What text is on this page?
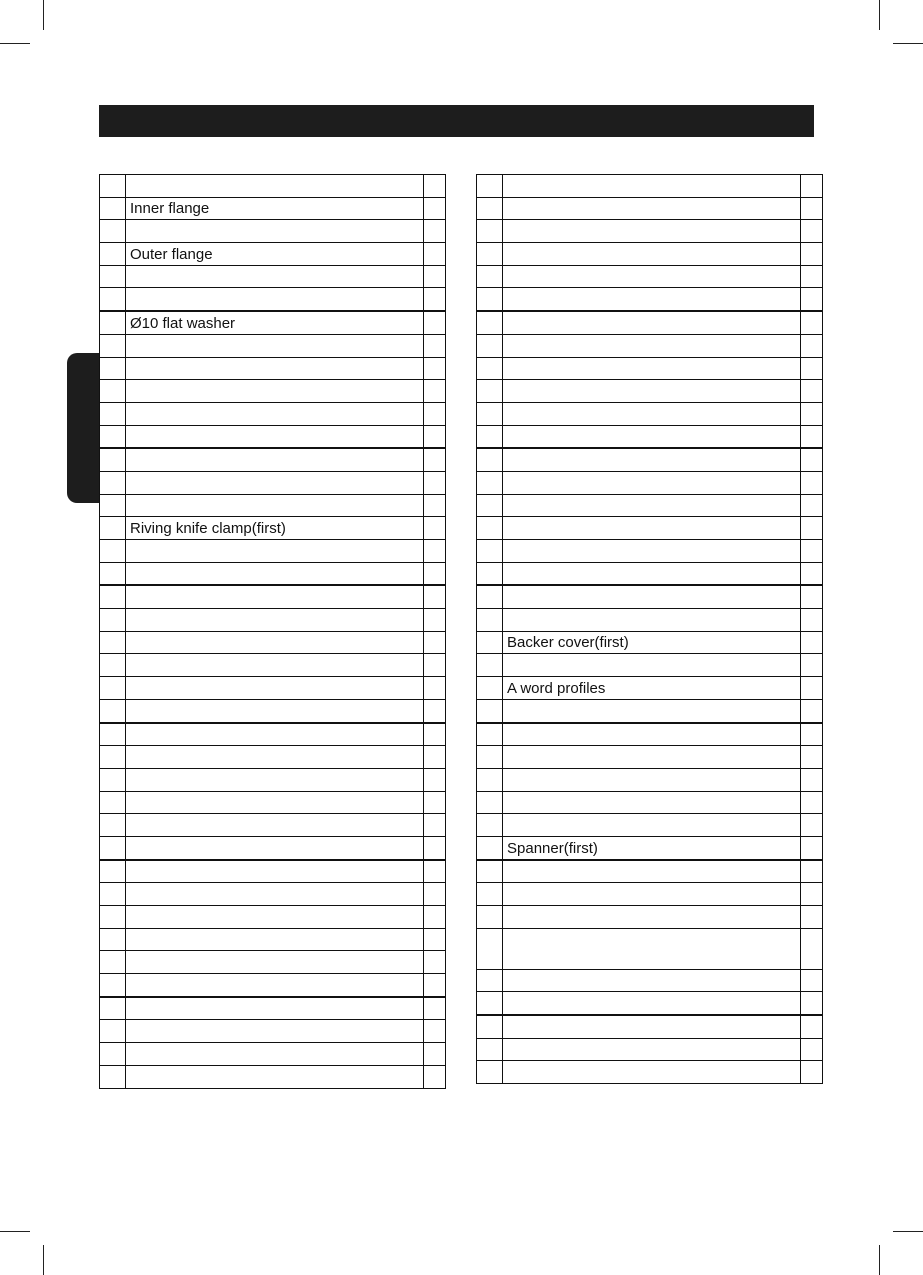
	Inner flange	

	Outer flange	

	Ø10 flat washer	

	Riving knife clamp(first)	

	Backer cover(first)	

	A word profiles	

	Spanner(first)	
